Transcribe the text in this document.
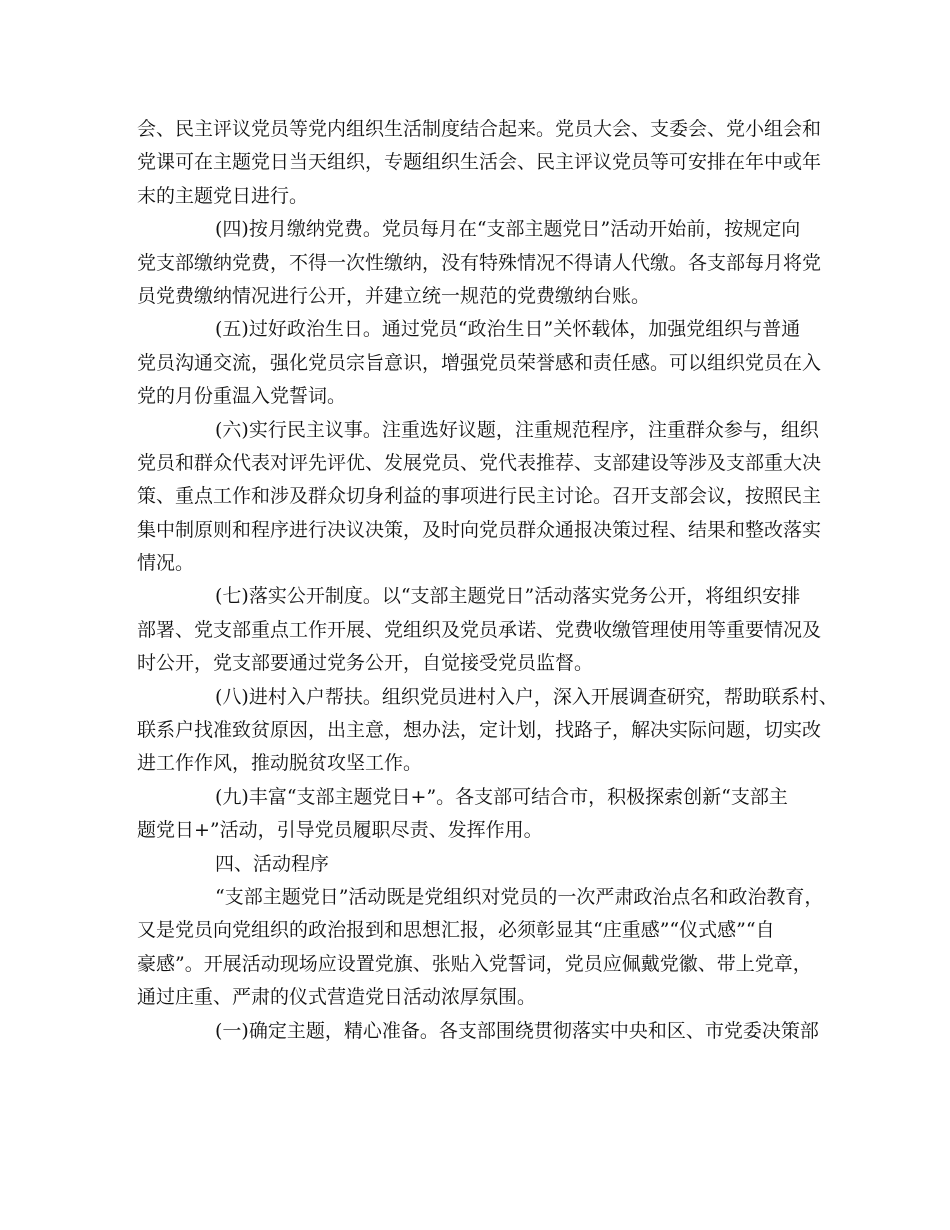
会、民主评议党员等党内组织生活制度结合起来。党员大会、支委会、党小组会和
党课可在主题党日当天组织，专题组织生活会、民主评议党员等可安排在年中或年
末的主题党日进行。
(四)按月缴纳党费。党员每月在“支部主题党日”活动开始前，按规定向
党支部缴纳党费，不得一次性缴纳，没有特殊情况不得请人代缴。各支部每月将党
员党费缴纳情况进行公开，并建立统一规范的党费缴纳台账。
(五)过好政治生日。通过党员“政治生日”关怀载体，加强党组织与普通
党员沟通交流，强化党员宗旨意识，增强党员荣誉感和责任感。可以组织党员在入
党的月份重温入党誓词。
(六)实行民主议事。注重选好议题，注重规范程序，注重群众参与，组织
党员和群众代表对评先评优、发展党员、党代表推荐、支部建设等涉及支部重大决
策、重点工作和涉及群众切身利益的事项进行民主讨论。召开支部会议，按照民主
集中制原则和程序进行决议决策，及时向党员群众通报决策过程、结果和整改落实
情况。
(七)落实公开制度。以“支部主题党日”活动落实党务公开，将组织安排
部署、党支部重点工作开展、党组织及党员承诺、党费收缴管理使用等重要情况及
时公开，党支部要通过党务公开，自觉接受党员监督。
(八)进村入户帮扶。组织党员进村入户，深入开展调查研究，帮助联系村、
联系户找准致贫原因，出主意，想办法，定计划，找路子，解决实际问题，切实改
进工作作风，推动脱贫攻坚工作。
(九)丰富“支部主题党日+”。各支部可结合市，积极探索创新“支部主
题党日+”活动，引导党员履职尽责、发挥作用。
四、活动程序
“支部主题党日”活动既是党组织对党员的一次严肃政治点名和政治教育，
又是党员向党组织的政治报到和思想汇报，必须彰显其“庄重感”“仪式感”“自
豪感”。开展活动现场应设置党旗、张贴入党誓词，党员应佩戴党徽、带上党章，
通过庄重、严肃的仪式营造党日活动浓厚氛围。
(一)确定主题，精心准备。各支部围绕贯彻落实中央和区、市党委决策部
